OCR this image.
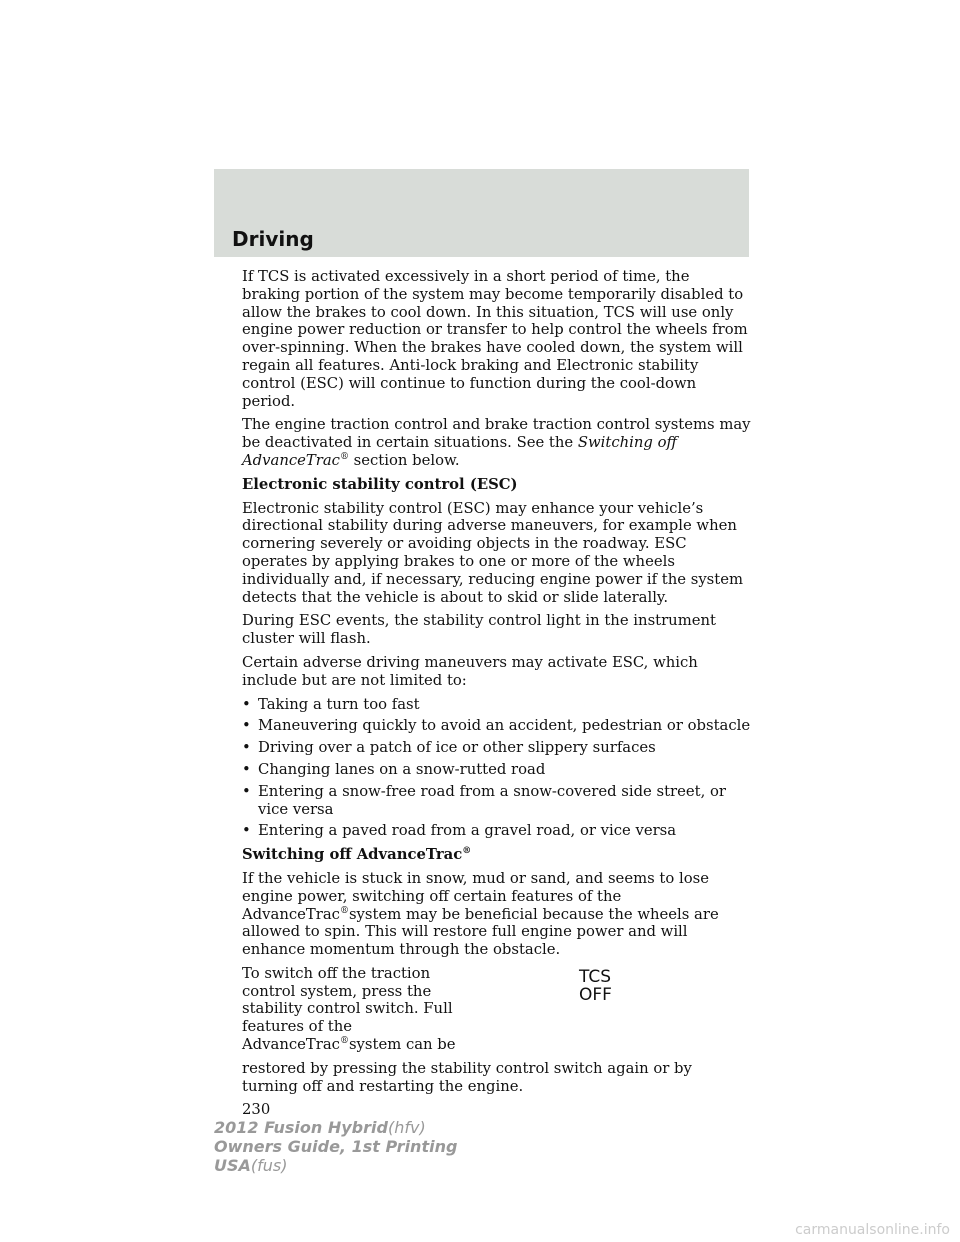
Driving

If TCS is activated excessively in a short period of time, the braking portion of the system may become temporarily disabled to allow the brakes to cool down. In this situation, TCS will use only engine power reduction or transfer to help control the wheels from over-spinning. When the brakes have cooled down, the system will regain all features. Anti-lock braking and Electronic stability control (ESC) will continue to function during the cool-down period.

The engine traction control and brake traction control systems may be deactivated in certain situations. See the Switching off AdvanceTrac® section below.

Electronic stability control (ESC)

Electronic stability control (ESC) may enhance your vehicle’s directional stability during adverse maneuvers, for example when cornering severely or avoiding objects in the roadway. ESC operates by applying brakes to one or more of the wheels individually and, if necessary, reducing engine power if the system detects that the vehicle is about to skid or slide laterally.

During ESC events, the stability control light in the instrument cluster will flash.

Certain adverse driving maneuvers may activate ESC, which include but are not limited to:

• Taking a turn too fast
• Maneuvering quickly to avoid an accident, pedestrian or obstacle
• Driving over a patch of ice or other slippery surfaces
• Changing lanes on a snow-rutted road
• Entering a snow-free road from a snow-covered side street, or vice versa
• Entering a paved road from a gravel road, or vice versa
Switching off AdvanceTrac®

If the vehicle is stuck in snow, mud or sand, and seems to lose engine power, switching off certain features of the AdvanceTrac®system may be beneficial because the wheels are allowed to spin. This will restore full engine power and will enhance momentum through the obstacle.

To switch off the traction control system, press the stability control switch. Full features of the AdvanceTrac®system can be

TCS
OFF

restored by pressing the stability control switch again or by turning off and restarting the engine.

230
2012 Fusion Hybrid(hfv)
Owners Guide, 1st Printing
USA(fus)
carmanualsonline.info
